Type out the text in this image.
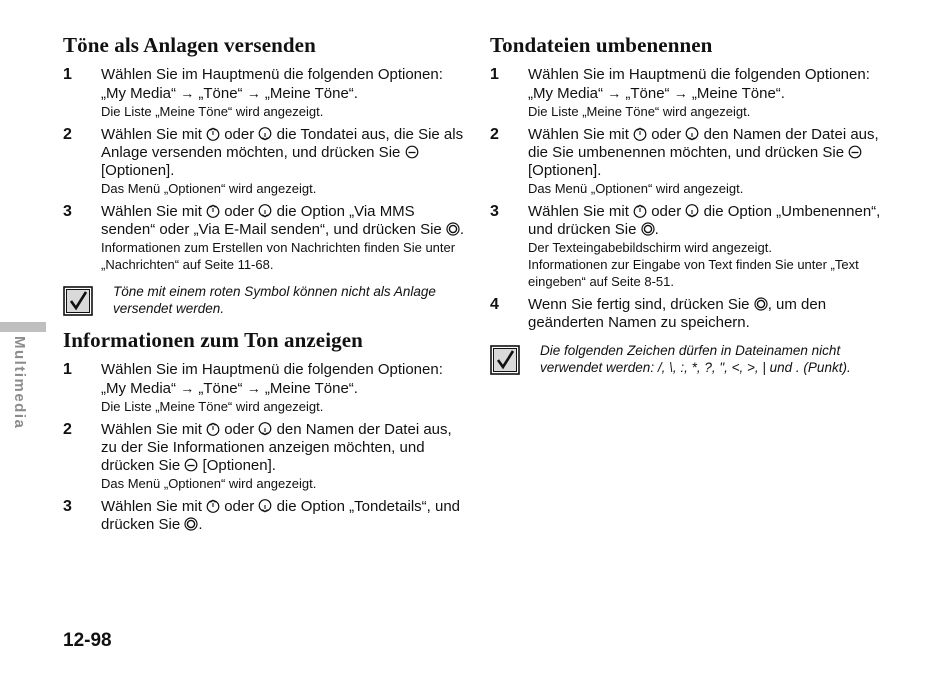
Multimedia
Töne als Anlagen versenden
1	Wählen Sie im Hauptmenü die folgenden Optionen: „My Media“ → „Töne“ → „Meine Töne“.
Die Liste „Meine Töne“ wird angezeigt.
2	Wählen Sie mit  oder  die Tondatei aus, die Sie als Anlage versenden möchten, und drücken Sie  [Optionen].
Das Menü „Optionen“ wird angezeigt.
3	Wählen Sie mit  oder  die Option „Via MMS senden“ oder „Via E-Mail senden“, und drücken Sie .
Informationen zum Erstellen von Nachrichten finden Sie unter „Nachrichten“ auf Seite 11-68.
Töne mit einem roten Symbol können nicht als Anlage versendet werden.
Informationen zum Ton anzeigen
1	Wählen Sie im Hauptmenü die folgenden Optionen: „My Media“ → „Töne“ → „Meine Töne“.
Die Liste „Meine Töne“ wird angezeigt.
2	Wählen Sie mit  oder  den Namen der Datei aus, zu der Sie Informationen anzeigen möchten, und drücken Sie  [Optionen].
Das Menü „Optionen“ wird angezeigt.
3	Wählen Sie mit  oder  die Option „Tondetails“, und drücken Sie .
Tondateien umbenennen
1	Wählen Sie im Hauptmenü die folgenden Optionen: „My Media“ → „Töne“ → „Meine Töne“.
Die Liste „Meine Töne“ wird angezeigt.
2	Wählen Sie mit  oder  den Namen der Datei aus, die Sie umbenennen möchten, und drücken Sie  [Optionen].
Das Menü „Optionen“ wird angezeigt.
3	Wählen Sie mit  oder  die Option „Umbenennen“, und drücken Sie .
Der Texteingabebildschirm wird angezeigt.
Informationen zur Eingabe von Text finden Sie unter „Text eingeben“ auf Seite 8-51.
4	Wenn Sie fertig sind, drücken Sie , um den geänderten Namen zu speichern.
Die folgenden Zeichen dürfen in Dateinamen nicht verwendet werden: /, \, :, *, ?, ", <, >, | und . (Punkt).
12-98
